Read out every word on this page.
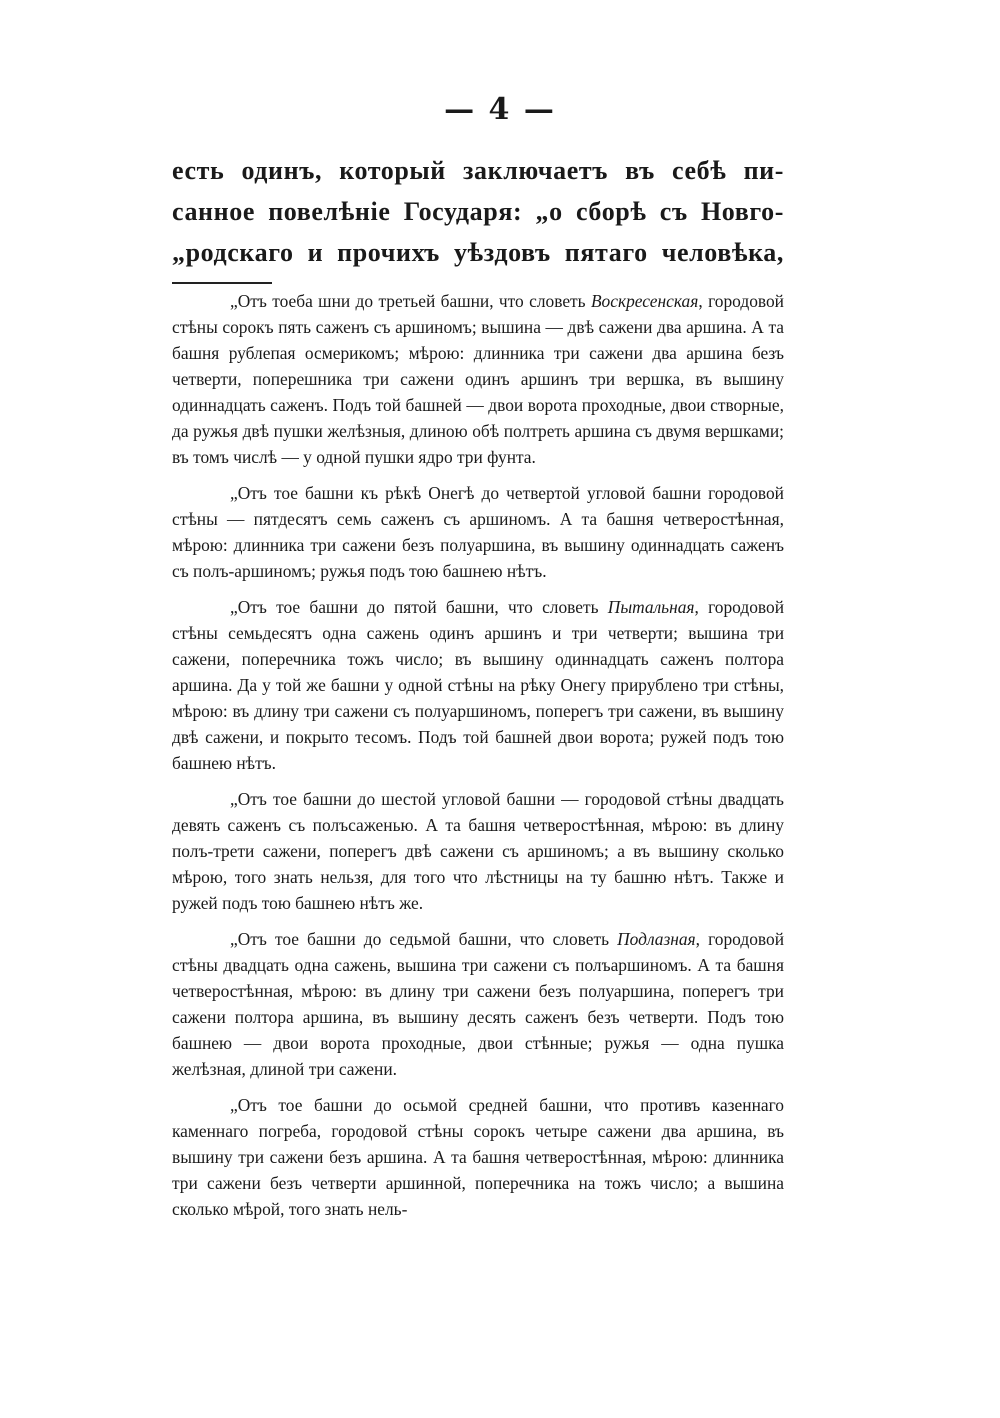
— 4 —
есть одинъ, который заключаетъ въ себѣ пи-
санное повелѣніе Государя: „о сборѣ съ Новго-
„родскаго и прочихъ уѣздовъ пятаго человѣка,

„Отъ тоеба шни до третьей башни, что словеть Воскресенская, городовой стѣны сорокъ пять саженъ съ аршиномъ; вышина — двѣ сажени два аршина. А та башня рублепая осмерикомъ; мѣрою: длинника три сажени два аршина безъ четверти, поперешника три сажени одинъ аршинъ три вершка, въ вышину одиннадцать саженъ. Подъ той башней — двои ворота проходные, двои створные, да ружья двѣ пушки желѣзныя, длиною обѣ полтреть аршина съ двумя вершками; въ томъ числѣ — у одной пушки ядро три фунта.

„Отъ тое башни къ рѣкѣ Онегѣ до четвертой угловой башни городовой стѣны — пятдесятъ семь саженъ съ аршиномъ. А та башня четверостѣнная, мѣрою: длинника три сажени безъ полуаршина, въ вышину одиннадцать саженъ съ полъ-аршиномъ; ружья подъ тою башнею нѣтъ.

„Отъ тое башни до пятой башни, что словеть Пытальная, городовой стѣны семьдесятъ одна сажень одинъ аршинъ и три четверти; вышина три сажени, поперечника тожъ число; въ вышину одиннадцать саженъ полтора аршина. Да у той же башни у одной стѣны на рѣку Онегу прирублено три стѣны, мѣрою: въ длину три сажени съ полуаршиномъ, поперегъ три сажени, въ вышину двѣ сажени, и покрыто тесомъ. Подъ той башней двои ворота; ружей подъ тою башнею нѣтъ.

„Отъ тое башни до шестой угловой башни — городовой стѣны двадцать девять саженъ съ полъсаженью. А та башня четверостѣнная, мѣрою: въ длину полъ-трети сажени, поперегъ двѣ сажени съ аршиномъ; а въ вышину сколько мѣрою, того знать нельзя, для того что лѣстницы на ту башню нѣтъ. Также и ружей подъ тою башнею нѣтъ же.

„Отъ тое башни до седьмой башни, что словеть Подлазная, городовой стѣны двадцать одна сажень, вышина три сажени съ полъаршиномъ. А та башня четверостѣнная, мѣрою: въ длину три сажени безъ полуаршина, поперегъ три сажени полтора аршина, въ вышину десять саженъ безъ четверти. Подъ тою башнею — двои ворота проходные, двои стѣнные; ружья — одна пушка желѣзная, длиной три сажени.

„Отъ тое башни до осьмой средней башни, что противъ казеннаго каменнаго погреба, городовой стѣны сорокъ четыре сажени два аршина, въ вышину три сажени безъ аршина. А та башня четверостѣнная, мѣрою: длинника три сажени безъ четверти аршинной, поперечника на тожъ число; а вышина сколько мѣрой, того знать нель-
